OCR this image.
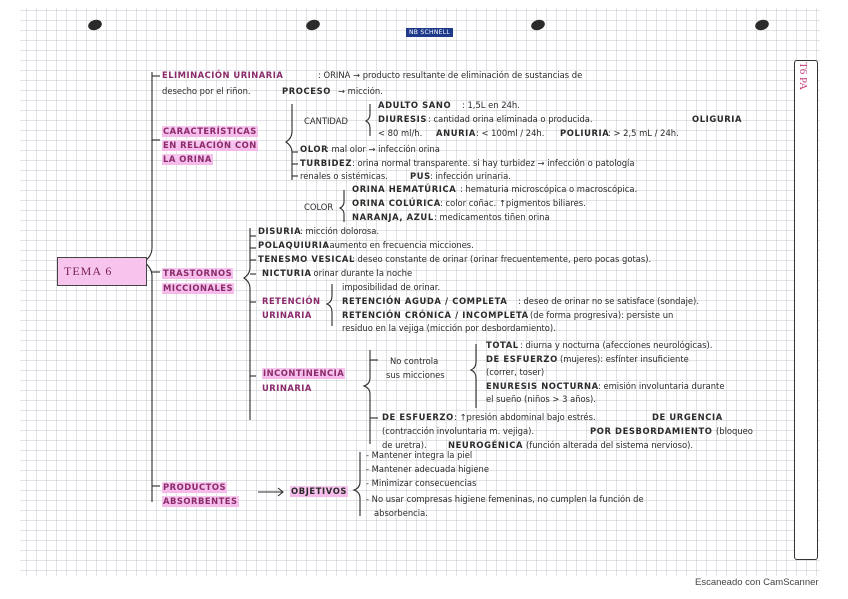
NB SCHNELL
T6 PA
TEMA 6
ELIMINACIÓN URINARIA	: ORINA → producto resultante de eliminación de sustancias de
desecho por el riñon.	PROCESO → micción.
CARACTERÍSTICAS
EN RELACIÓN CON
LA ORINA
CANTIDAD
ADULTO SANO : 1,5L en 24h.
DIURESIS : cantidad orina eliminada o producida.	OLIGURIA
< 80 ml/h. ANURIA : < 100ml / 24h. POLIURIA
: > 2,5 mL / 24h.
OLOR
: mal olor → infección orina
TURBIDEZ : orina normal transparente. si hay turbidez → infección o patología
renales o sistémicas.	PUS : infección urinaria.
COLOR
ORINA HEMATÚRICA : hematuria microscópica o macroscópica.
ORINA COLÚRICA : color coñac. ↑pigmentos biliares.
NARANJA, AZUL : medicamentos tiñen orina
TRASTORNOS
MICCIONALES
DISURIA
: micción dolorosa.
POLAQUIURIA
: aumento en frecuencia micciones.
TENESMO VESICAL
: deseo constante de orinar (orinar frecuentemente, pero pocas gotas).
NICTURIA
: orinar durante la noche
RETENCIÓN
URINARIA
imposibilidad de orinar.
RETENCIÓN AGUDA / COMPLETA : deseo de orinar no se satisface (sondaje).
RETENCIÓN CRÓNICA / INCOMPLETA (de forma progresiva): persiste un
residuo en la vejiga (micción por desbordamiento).
INCONTINENCIA
URINARIA
No controla
sus micciones
TOTAL : diurna y nocturna (afecciones neurológicas).
DE ESFUERZO (mujeres): esfínter insuficiente
(correr, toser)
ENURESIS NOCTURNA : emisión involuntaria durante
el sueño (niños > 3 años).
DE ESFUERZO : ↑presión abdominal bajo estrés.	DE URGENCIA
(contracción involuntaria m. vejiga).	POR DESBORDAMIENTO (bloqueo
de uretra).	NEUROGÉNICA (función alterada del sistema nervioso).
PRODUCTOS
ABSORBENTES
OBJETIVOS
- Mantener integra la piel
- Mantener adecuada higiene
- Minimizar consecuencias
- No usar compresas higiene femeninas, no cumplen la función de
absorbencia.
Escaneado con CamScanner
